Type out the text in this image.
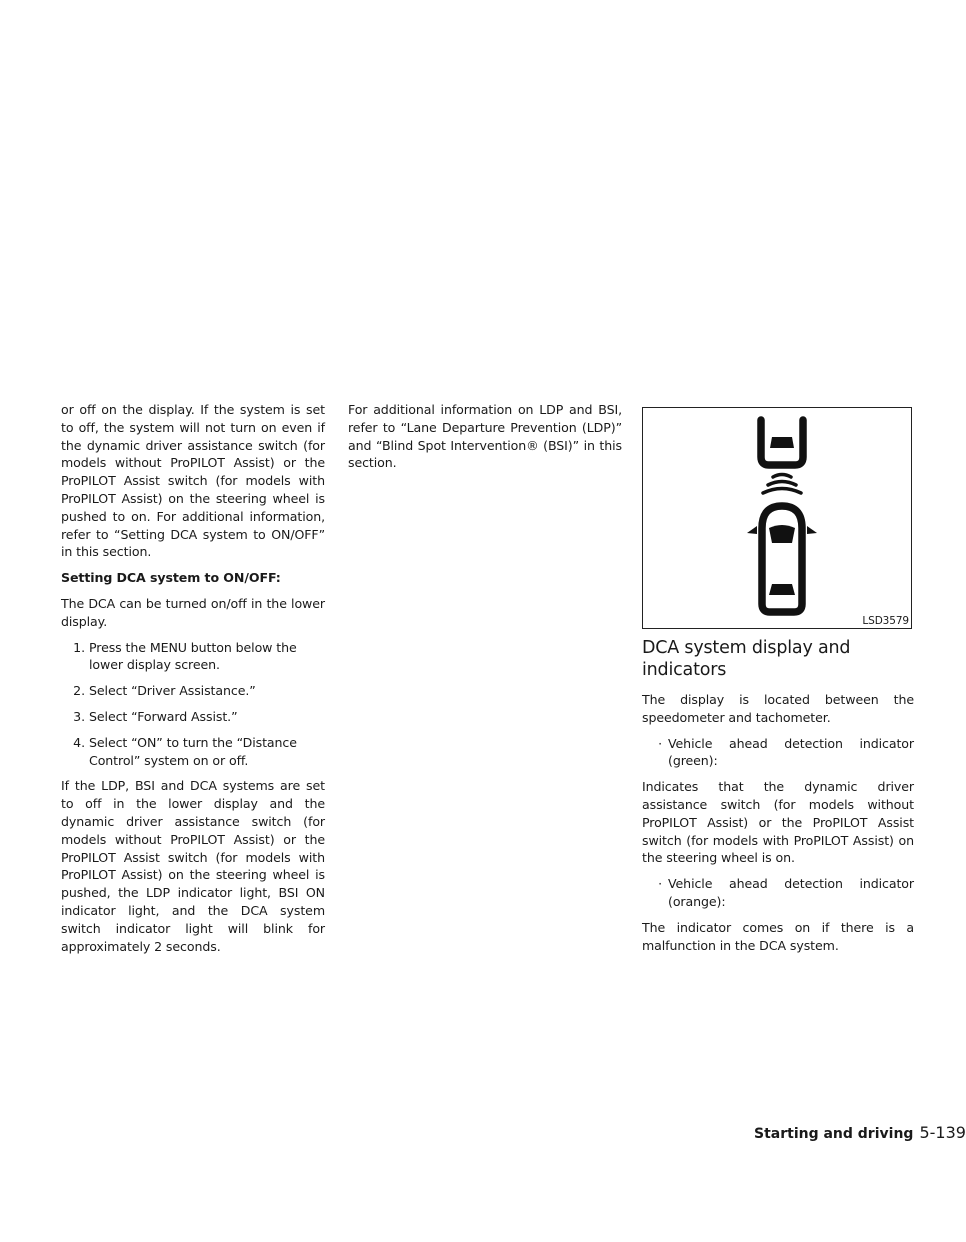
or off on the display. If the system is set to off, the system will not turn on even if the dynamic driver assistance switch (for models without ProPILOT Assist) or the ProPILOT Assist switch (for models with ProPILOT Assist) on the steering wheel is pushed to on. For additional information, refer to “Setting DCA system to ON/OFF” in this section.

Setting DCA system to ON/OFF:

The DCA can be turned on/off in the lower display.

1. Press the MENU button below the lower display screen.
2. Select “Driver Assistance.”
3. Select “Forward Assist.”
4. Select “ON” to turn the “Distance Control” system on or off.

If the LDP, BSI and DCA systems are set to off in the lower display and the dynamic driver assistance switch (for models without ProPILOT Assist) or the ProPILOT Assist switch (for models with ProPILOT Assist) on the steering wheel is pushed, the LDP indicator light, BSI ON indicator light, and the DCA system switch indicator light will blink for approximately 2 seconds.

For additional information on LDP and BSI, refer to “Lane Departure Prevention (LDP)” and “Blind Spot Intervention® (BSI)” in this section.

LSD3579
DCA system display and indicators

The display is located between the speedometer and tachometer.

· Vehicle ahead detection indicator (green):

Indicates that the dynamic driver assistance switch (for models without ProPILOT Assist) or the ProPILOT Assist switch (for models with ProPILOT Assist) on the steering wheel is on.

· Vehicle ahead detection indicator (orange):

The indicator comes on if there is a malfunction in the DCA system.

Starting and driving 5-139
